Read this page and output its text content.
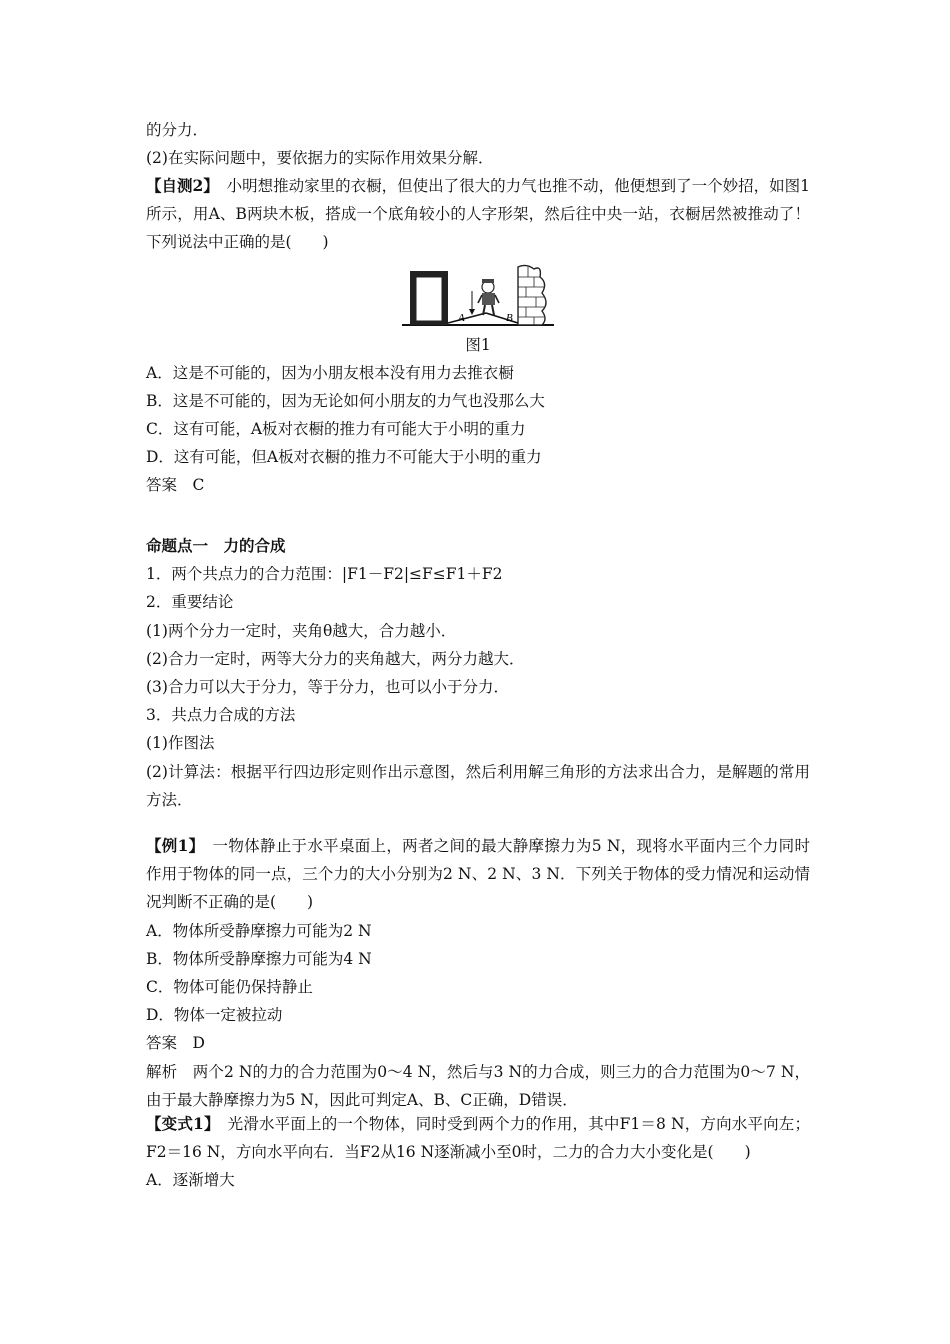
的分力．
(2)在实际问题中，要依据力的实际作用效果分解．
【自测2】　 小明想推动家里的衣橱，但使出了很大的力气也推不动，他便想到了一个妙招，如图1所示，用A、B两块木板，搭成一个底角较小的人字形架，然后往中央一站，衣橱居然被推动了！下列说法中正确的是(　　)
A	B
图1
A．这是不可能的，因为小朋友根本没有用力去推衣橱
B．这是不可能的，因为无论如何小朋友的力气也没那么大
C．这有可能，A板对衣橱的推力有可能大于小明的重力
D．这有可能，但A板对衣橱的推力不可能大于小明的重力
答案　C
命题点一　力的合成
1．两个共点力的合力范围：|F1－F2|≤F≤F1＋F2
2．重要结论
(1)两个分力一定时，夹角θ越大，合力越小．
(2)合力一定时，两等大分力的夹角越大，两分力越大．
(3)合力可以大于分力，等于分力，也可以小于分力．
3．共点力合成的方法
(1)作图法
(2)计算法：根据平行四边形定则作出示意图，然后利用解三角形的方法求出合力，是解题的常用方法．
【例1】　 一物体静止于水平桌面上，两者之间的最大静摩擦力为5 N，现将水平面内三个力同时作用于物体的同一点，三个力的大小分别为2 N、2 N、3 N．下列关于物体的受力情况和运动情况判断不正确的是(　　)
A．物体所受静摩擦力可能为2 N
B．物体所受静摩擦力可能为4 N
C．物体可能仍保持静止
D．物体一定被拉动
答案　D
解析　两个2 N的力的合力范围为0～4 N，然后与3 N的力合成，则三力的合力范围为0～7 N，由于最大静摩擦力为5 N，因此可判定A、B、C正确，D错误．
【变式1】　 光滑水平面上的一个物体，同时受到两个力的作用，其中F1＝8 N，方向水平向左；F2＝16 N，方向水平向右．当F2从16 N逐渐减小至0时，二力的合力大小变化是(　　)
A．逐渐增大
